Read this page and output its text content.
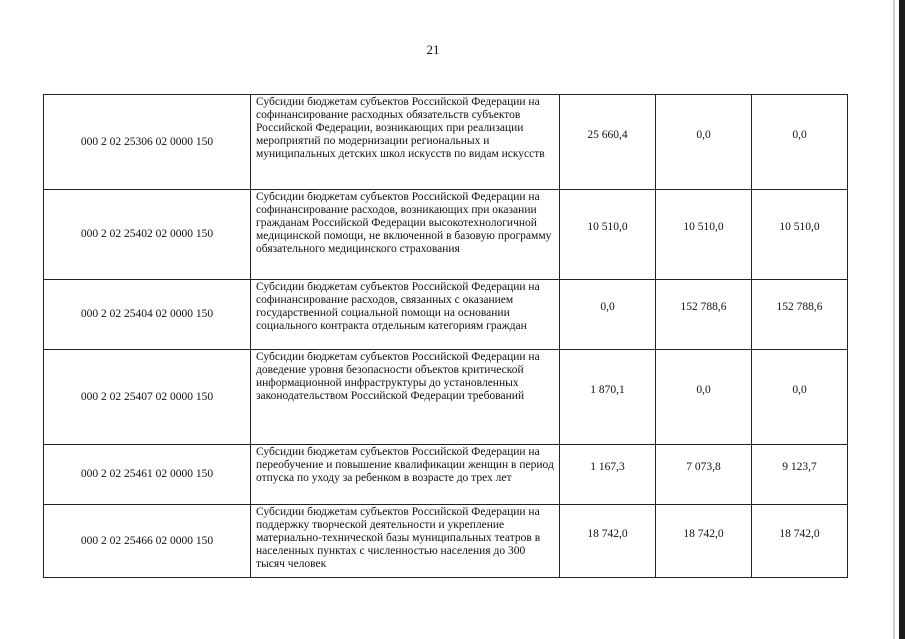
21
000 2 02 25306 02 0000 150	Субсидии бюджетам субъектов Российской Федерации на софинансирование расходных обязательств субъектов Российской Федерации, возникающих при реализации мероприятий по модернизации региональных и муниципальных детских школ искусств по видам искусств	25 660,4	0,0	0,0
000 2 02 25402 02 0000 150	Субсидии бюджетам субъектов Российской Федерации на софинансирование расходов, возникающих при оказании гражданам Российской Федерации высокотехнологичной медицинской помощи, не включенной в базовую программу обязательного медицинского страхования	10 510,0	10 510,0	10 510,0
000 2 02 25404 02 0000 150	Субсидии бюджетам субъектов Российской Федерации на софинансирование расходов, связанных с оказанием государственной социальной помощи на основании социального контракта отдельным категориям граждан	0,0	152 788,6	152 788,6
000 2 02 25407 02 0000 150	Субсидии бюджетам субъектов Российской Федерации на доведение уровня безопасности объектов критической информационной инфраструктуры до установленных законодательством Российской Федерации требований	1 870,1	0,0	0,0
000 2 02 25461 02 0000 150	Субсидии бюджетам субъектов Российской Федерации на переобучение и повышение квалификации женщин в период отпуска по уходу за ребенком в возрасте до трех лет	1 167,3	7 073,8	9 123,7
000 2 02 25466 02 0000 150	Субсидии бюджетам субъектов Российской Федерации на поддержку творческой деятельности и укрепление материально-технической базы муниципальных театров в населенных пунктах с численностью населения до 300 тысяч человек	18 742,0	18 742,0	18 742,0
